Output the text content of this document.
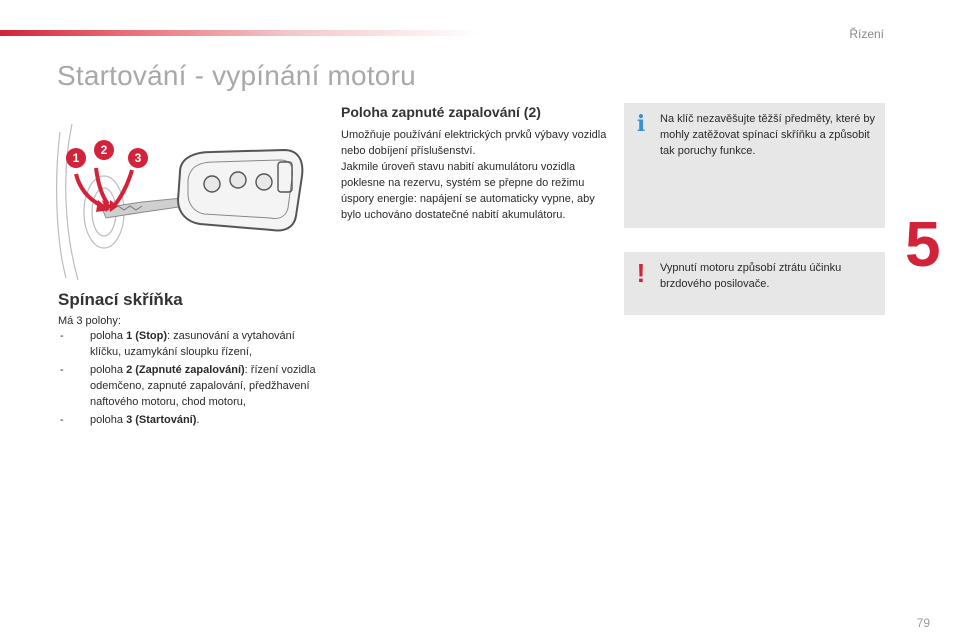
Řízení
Startování - vypínání motoru
1
2
3
Spínací skříňka
Má 3 polohy:
- poloha 1 (Stop): zasunování a vytahování klíčku, uzamykání sloupku řízení,
- poloha 2 (Zapnuté zapalování): řízení vozidla odemčeno, zapnuté zapalování, předžhavení naftového motoru, chod motoru,
- poloha 3 (Startování).
Poloha zapnuté zapalování (2)

Umožňuje používání elektrických prvků výbavy vozidla nebo dobíjení příslušenství.

Jakmile úroveň stavu nabití akumulátoru vozidla poklesne na rezervu, systém se přepne do režimu úspory energie: napájení se automaticky vypne, aby bylo uchováno dostatečné nabití akumulátoru.

i	Na klíč nezavěšujte těžší předměty, které by mohly zatěžovat spínací skříňku a způsobit tak poruchy funkce.
!	Vypnutí motoru způsobí ztrátu účinku brzdového posilovače.
5
79
